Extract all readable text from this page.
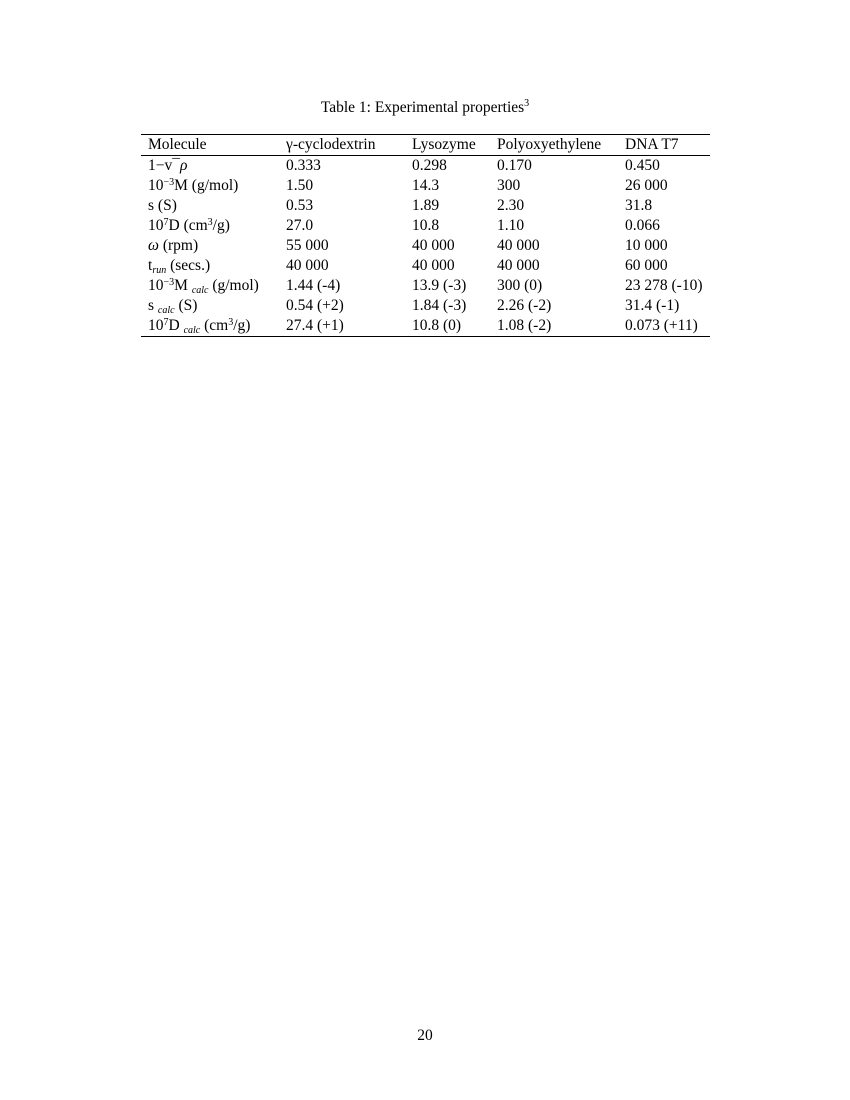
Table 1: Experimental properties$^3$
Molecule	γ-cyclodextrin	Lysozyme	Polyoxyethylene	DNA T7
1−v¯ρ	0.333	0.298	0.170	0.450
$10^{-3}M$ (g/mol)	1.50	14.3	300	26 000
s (S)	0.53	1.89	2.30	31.8
$10^7D$ $(cm^3/g)$	27.0	10.8	1.10	0.066
ω (rpm)	55 000	40 000	40 000	10 000
$t_{run}$ (secs.)	40 000	40 000	40 000	60 000
$10^{-3}M$ $_{calc}$ (g/mol)	1.44 (-4)	13.9 (-3)	300 (0)	23 278 (-10)
s $_{calc}$ (S)	0.54 (+2)	1.84 (-3)	2.26 (-2)	31.4 (-1)
$10^7D$ $_{calc}$ $(cm^3/g)$	27.4 (+1)	10.8 (0)	1.08 (-2)	0.073 (+11)
20
